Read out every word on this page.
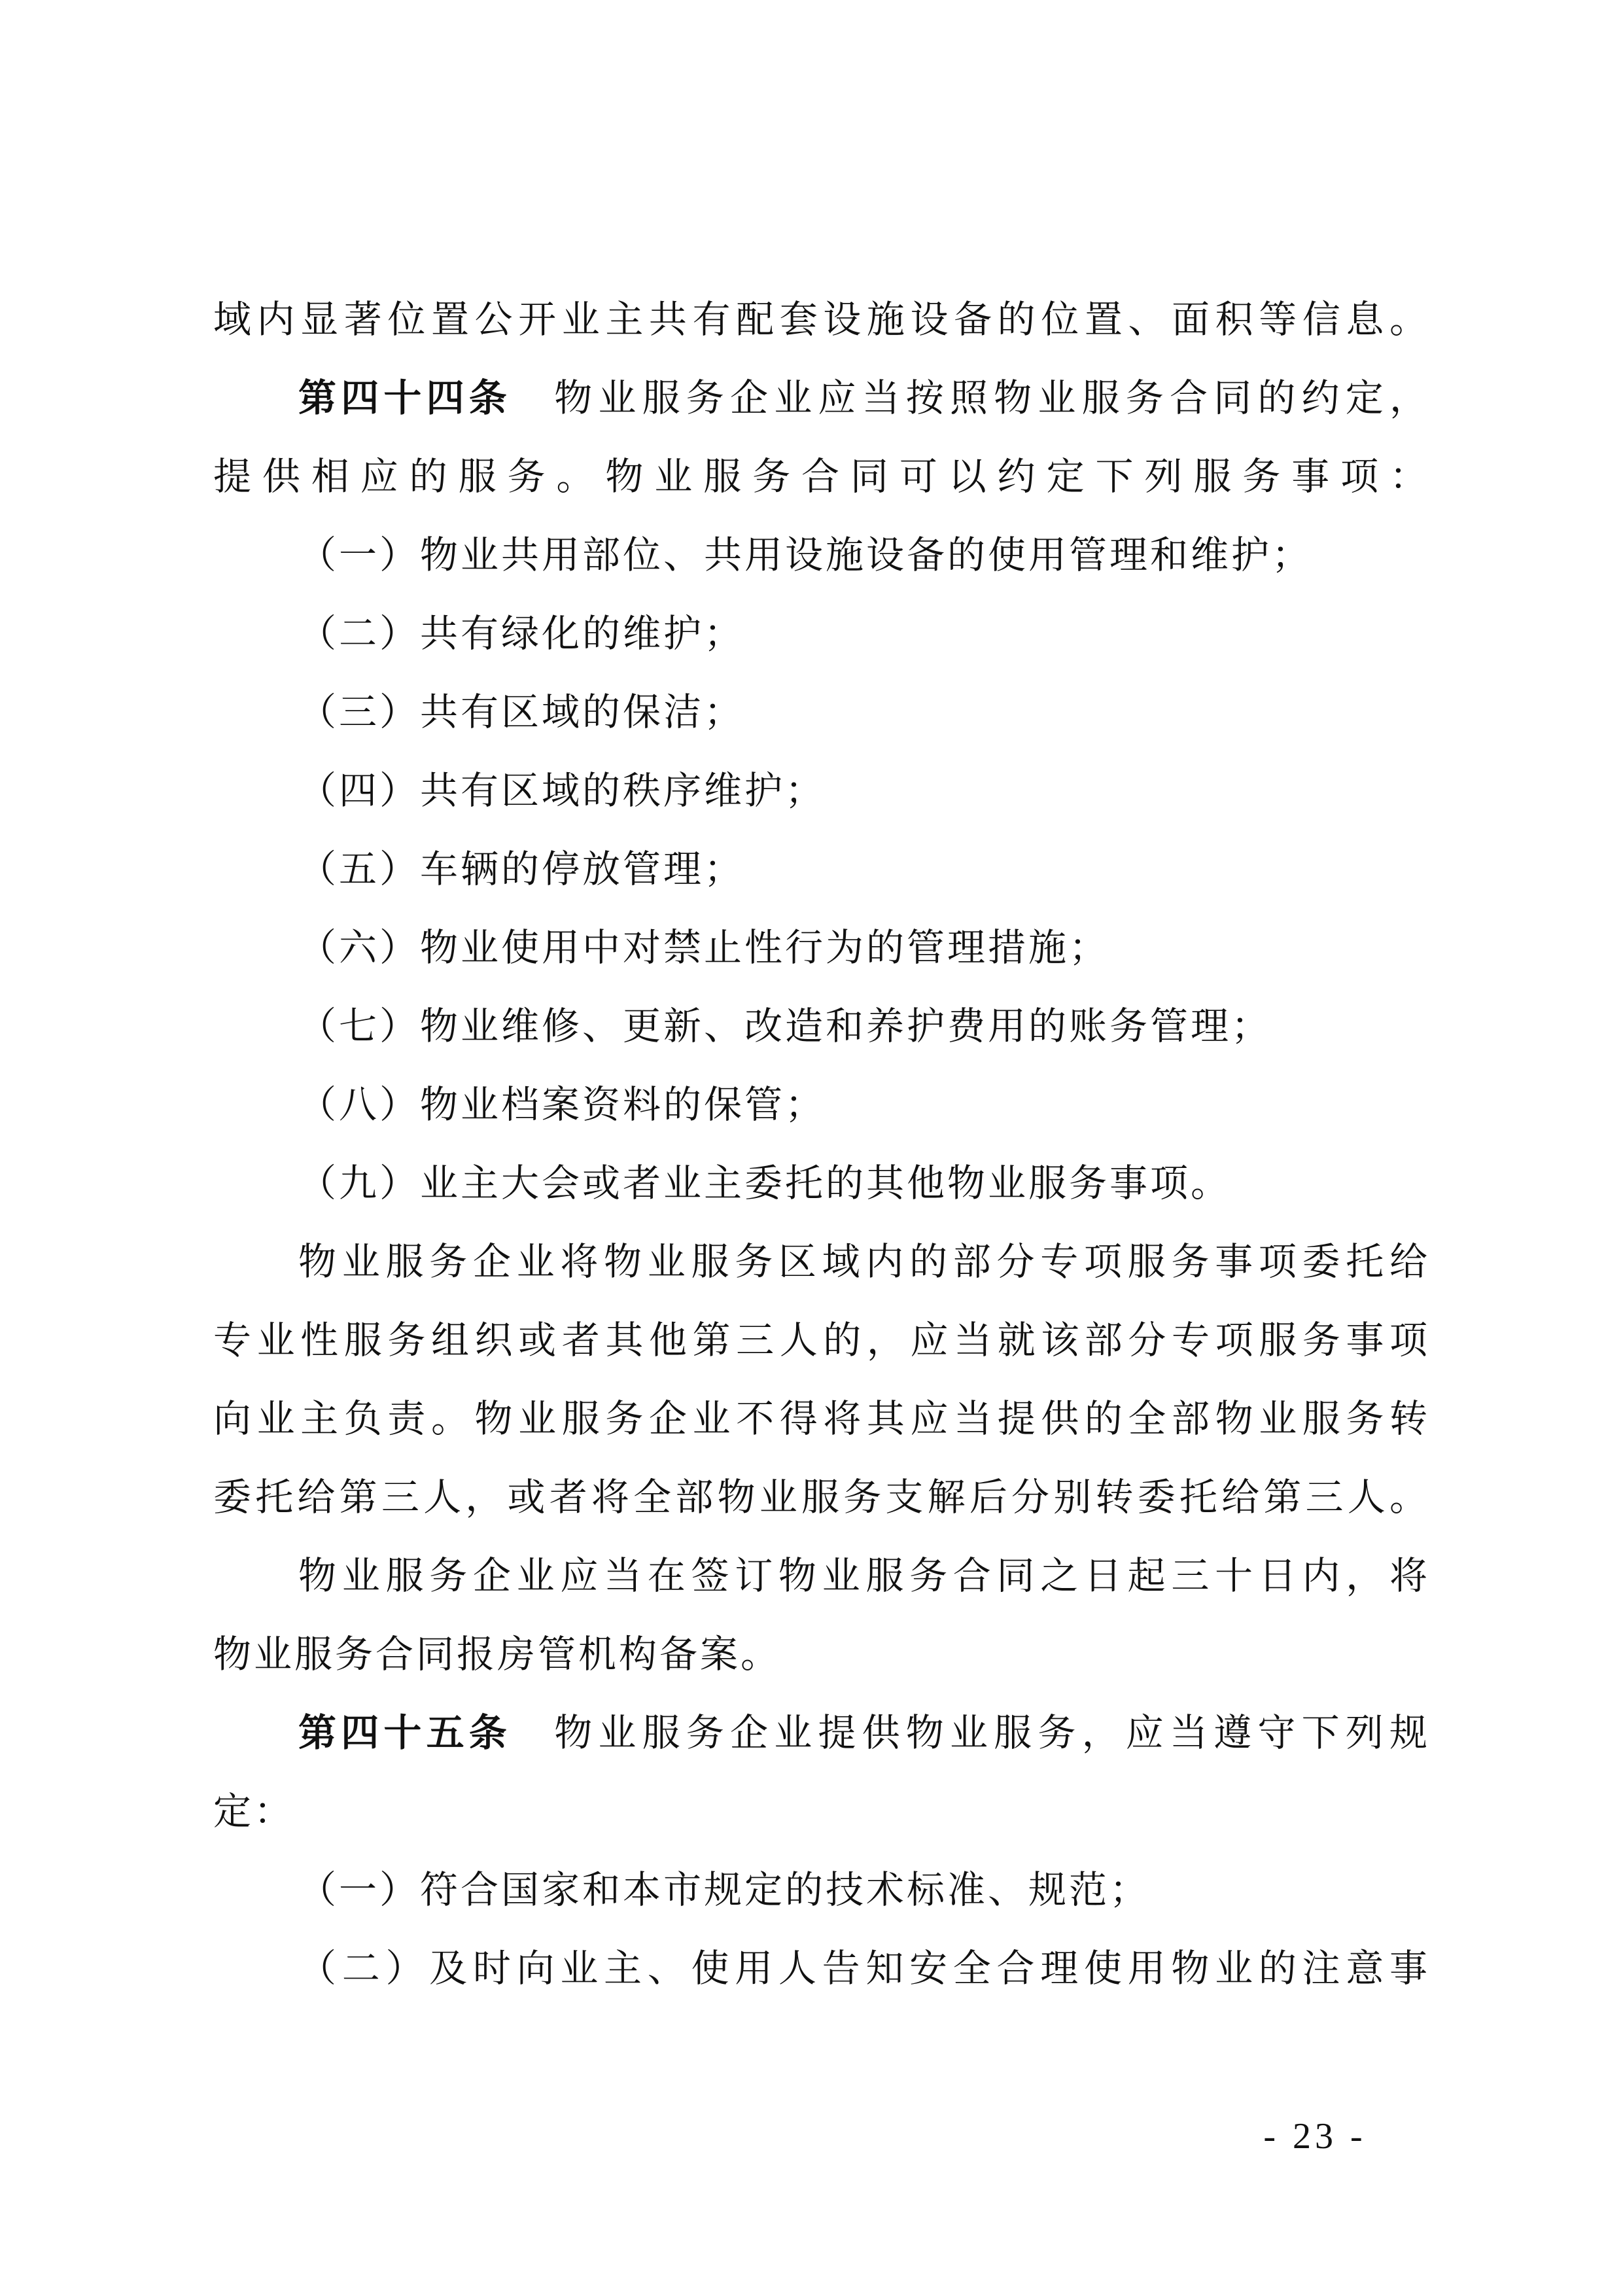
域内显著位置公开业主共有配套设施设备的位置、面积等信息。
第四十四条 物业服务企业应当按照物业服务合同的约定，
提供相应的服务。物业服务合同可以约定下列服务事项：
（一）物业共用部位、共用设施设备的使用管理和维护；
（二）共有绿化的维护；
（三）共有区域的保洁；
（四）共有区域的秩序维护；
（五）车辆的停放管理；
（六）物业使用中对禁止性行为的管理措施；
（七）物业维修、更新、改造和养护费用的账务管理；
（八）物业档案资料的保管；
（九）业主大会或者业主委托的其他物业服务事项。
物业服务企业将物业服务区域内的部分专项服务事项委托给
专业性服务组织或者其他第三人的，应当就该部分专项服务事项
向业主负责。物业服务企业不得将其应当提供的全部物业服务转
委托给第三人，或者将全部物业服务支解后分别转委托给第三人。
物业服务企业应当在签订物业服务合同之日起三十日内，将
物业服务合同报房管机构备案。
第四十五条 物业服务企业提供物业服务，应当遵守下列规
定：
（一）符合国家和本市规定的技术标准、规范；
（二）及时向业主、使用人告知安全合理使用物业的注意事
- 23 -
